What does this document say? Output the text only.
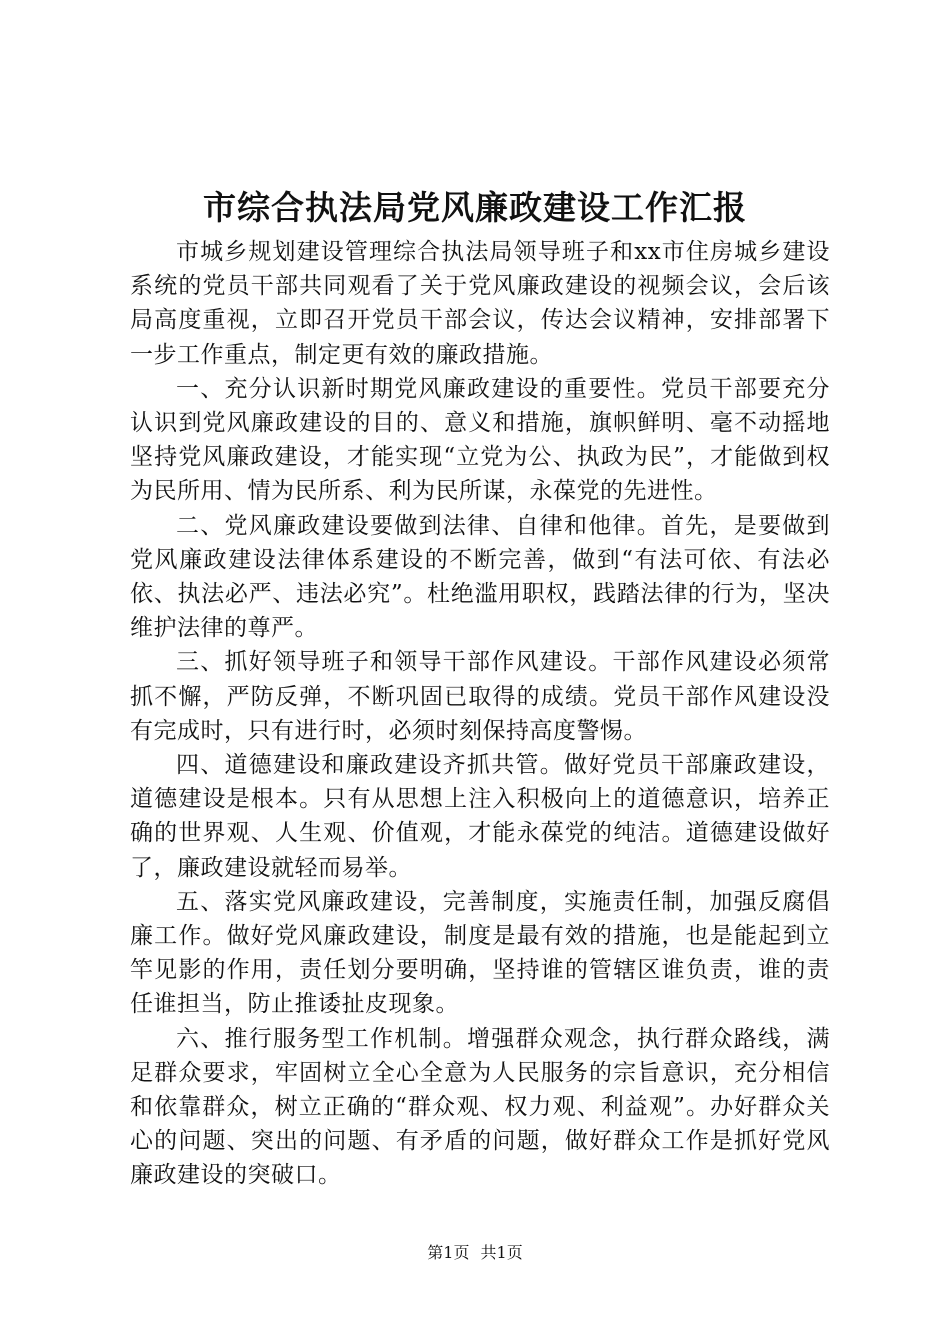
市综合执法局党风廉政建设工作汇报

市城乡规划建设管理综合执法局领导班子和xx市住房城乡建设系统的党员干部共同观看了关于党风廉政建设的视频会议，会后该局高度重视，立即召开党员干部会议，传达会议精神，安排部署下一步工作重点，制定更有效的廉政措施。

一、充分认识新时期党风廉政建设的重要性。党员干部要充分认识到党风廉政建设的目的、意义和措施，旗帜鲜明、毫不动摇地坚持党风廉政建设，才能实现“立党为公、执政为民”，才能做到权为民所用、情为民所系、利为民所谋，永葆党的先进性。

二、党风廉政建设要做到法律、自律和他律。首先，是要做到党风廉政建设法律体系建设的不断完善，做到“有法可依、有法必依、执法必严、违法必究”。杜绝滥用职权，践踏法律的行为，坚决维护法律的尊严。

三、抓好领导班子和领导干部作风建设。干部作风建设必须常抓不懈，严防反弹，不断巩固已取得的成绩。党员干部作风建设没有完成时，只有进行时，必须时刻保持高度警惕。

四、道德建设和廉政建设齐抓共管。做好党员干部廉政建设，道德建设是根本。只有从思想上注入积极向上的道德意识，培养正确的世界观、人生观、价值观，才能永葆党的纯洁。道德建设做好了，廉政建设就轻而易举。

五、落实党风廉政建设，完善制度，实施责任制，加强反腐倡廉工作。做好党风廉政建设，制度是最有效的措施，也是能起到立竿见影的作用，责任划分要明确，坚持谁的管辖区谁负责，谁的责任谁担当，防止推诿扯皮现象。

六、推行服务型工作机制。增强群众观念，执行群众路线，满足群众要求，牢固树立全心全意为人民服务的宗旨意识，充分相信和依靠群众，树立正确的“群众观、权力观、利益观”。办好群众关心的问题、突出的问题、有矛盾的问题，做好群众工作是抓好党风廉政建设的突破口。

第1页 共1页
